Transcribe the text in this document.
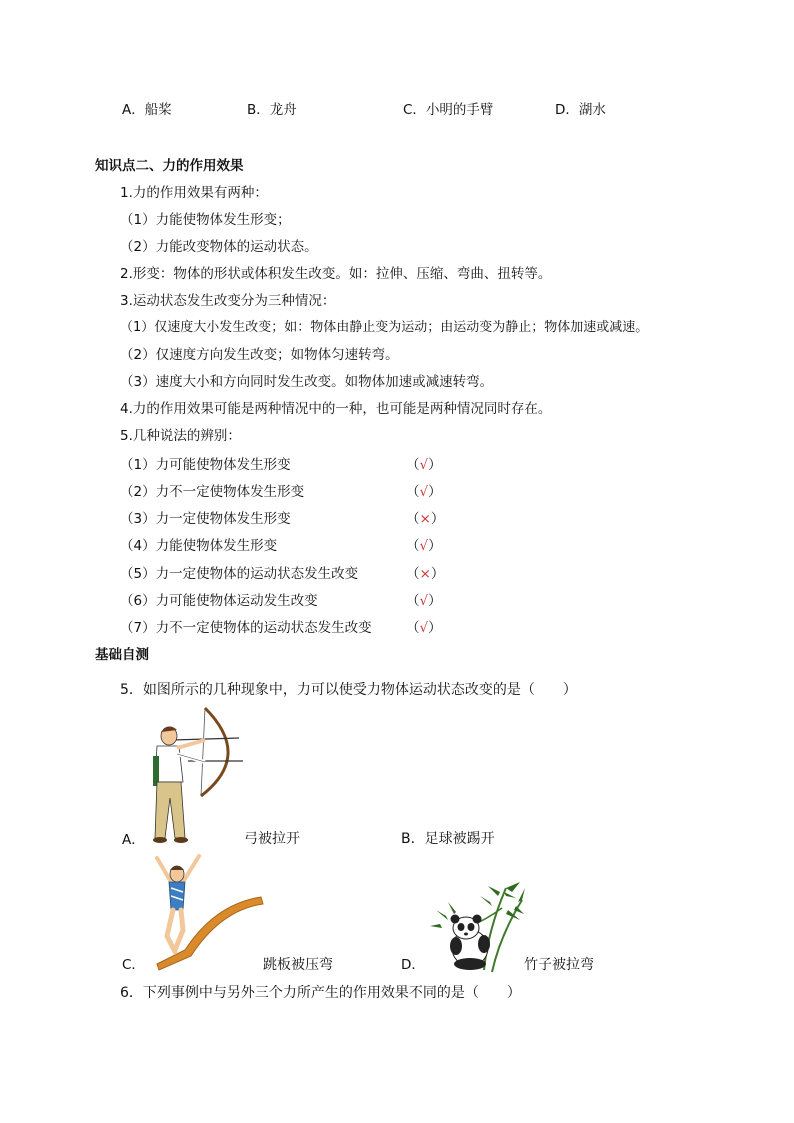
A．船桨	B．龙舟	C．小明的手臂	D．湖水
知识点二、力的作用效果
1.力的作用效果有两种：
（1）力能使物体发生形变；
（2）力能改变物体的运动状态。
2.形变：物体的形状或体积发生改变。如：拉伸、压缩、弯曲、扭转等。
3.运动状态发生改变分为三种情况：
（1）仅速度大小发生改变；如：物体由静止变为运动；由运动变为静止；物体加速或减速。
（2）仅速度方向发生改变；如物体匀速转弯。
（3）速度大小和方向同时发生改变。如物体加速或减速转弯。
4.力的作用效果可能是两种情况中的一种，也可能是两种情况同时存在。
5.几种说法的辨别：
（1）力可能使物体发生形变	（√）
（2）力不一定使物体发生形变	（√）
（3）力一定使物体发生形变	（×）
（4）力能使物体发生形变	（√）
（5）力一定使物体的运动状态发生改变	（×）
（6）力可能使物体运动发生改变	（√）
（7）力不一定使物体的运动状态发生改变	（√）
基础自测
5．如图所示的几种现象中，力可以使受力物体运动状态改变的是（　　）
A．	弓被拉开	B．足球被踢开
C．	跳板被压弯	D．	竹子被拉弯
6．下列事例中与另外三个力所产生的作用效果不同的是（　　）
